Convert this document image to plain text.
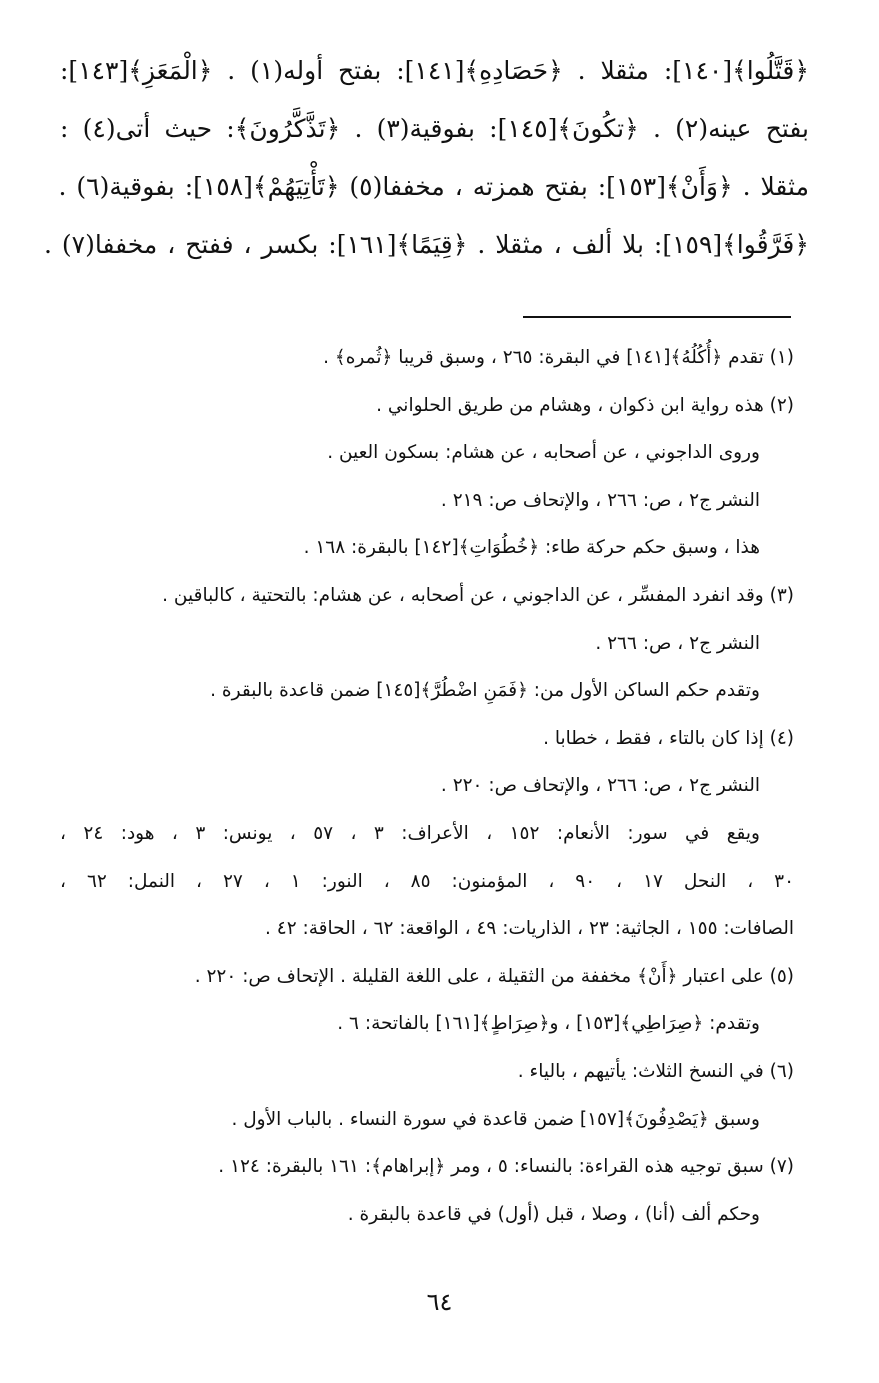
﴿قَتَّلُوا﴾[١٤٠]: مثقلا . ﴿حَصَادِهِ﴾[١٤١]: بفتح أوله(١) . ﴿الْمَعَزِ﴾[١٤٣]:
بفتح عينه(٢) . ﴿تكُونَ﴾[١٤٥]: بفوقية(٣) . ﴿تَذَّكَّرُونَ﴾: حيث أتى(٤) :
مثقلا . ﴿وَأَنْ﴾[١٥٣]: بفتح همزته ، مخففا(٥) ﴿تَأْتِيَهُمْ﴾[١٥٨]: بفوقية(٦) .
﴿فَرَّقُوا﴾[١٥٩]: بلا ألف ، مثقلا . ﴿قِيَمًا﴾[١٦١]: بكسر ، ففتح ، مخففا(٧) .
(١) تقدم ﴿أُكُلُهُ﴾[١٤١] في البقرة: ٢٦٥ ، وسبق قريبا ﴿ثُمره﴾ .
(٢) هذه رواية ابن ذكوان ، وهشام من طريق الحلواني .
وروى الداجوني ، عن أصحابه ، عن هشام: بسكون العين .
النشر ج٢ ، ص: ٢٦٦ ، والإتحاف ص: ٢١٩ .
هذا ، وسبق حكم حركة طاء: ﴿خُطُوَاتِ﴾[١٤٢] بالبقرة: ١٦٨ .
(٣) وقد انفرد المفسِّر ، عن الداجوني ، عن أصحابه ، عن هشام: بالتحتية ، كالباقين .
النشر ج٢ ، ص: ٢٦٦ .
وتقدم حكم الساكن الأول من: ﴿فَمَنِ اضْطُرَّ﴾[١٤٥] ضمن قاعدة بالبقرة .
(٤) إذا كان بالتاء ، فقط ، خطابا .
النشر ج٢ ، ص: ٢٦٦ ، والإتحاف ص: ٢٢٠ .
ويقع في سور: الأنعام: ١٥٢ ، الأعراف: ٣ ، ٥٧ ، يونس: ٣ ، هود: ٢٤ ،
٣٠ ، النحل ١٧ ، ٩٠ ، المؤمنون: ٨٥ ، النور: ١ ، ٢٧ ، النمل: ٦٢ ،
الصافات: ١٥٥ ، الجاثية: ٢٣ ، الذاريات: ٤٩ ، الواقعة: ٦٢ ، الحاقة: ٤٢ .
(٥) على اعتبار ﴿أَنْ﴾ مخففة من الثقيلة ، على اللغة القليلة . الإتحاف ص: ٢٢٠ .
وتقدم: ﴿صِرَاطِي﴾[١٥٣] ، و﴿صِرَاطٍ﴾[١٦١] بالفاتحة: ٦ .
(٦) في النسخ الثلاث: يأتيهم ، بالياء .
وسبق ﴿يَصْدِفُونَ﴾[١٥٧] ضمن قاعدة في سورة النساء . بالباب الأول .
(٧) سبق توجيه هذه القراءة: بالنساء: ٥ ، ومر ﴿إبراهام﴾: ١٦١ بالبقرة: ١٢٤ .
وحكم ألف (أنا) ، وصلا ، قبل (أول) في قاعدة بالبقرة .
٦٤
